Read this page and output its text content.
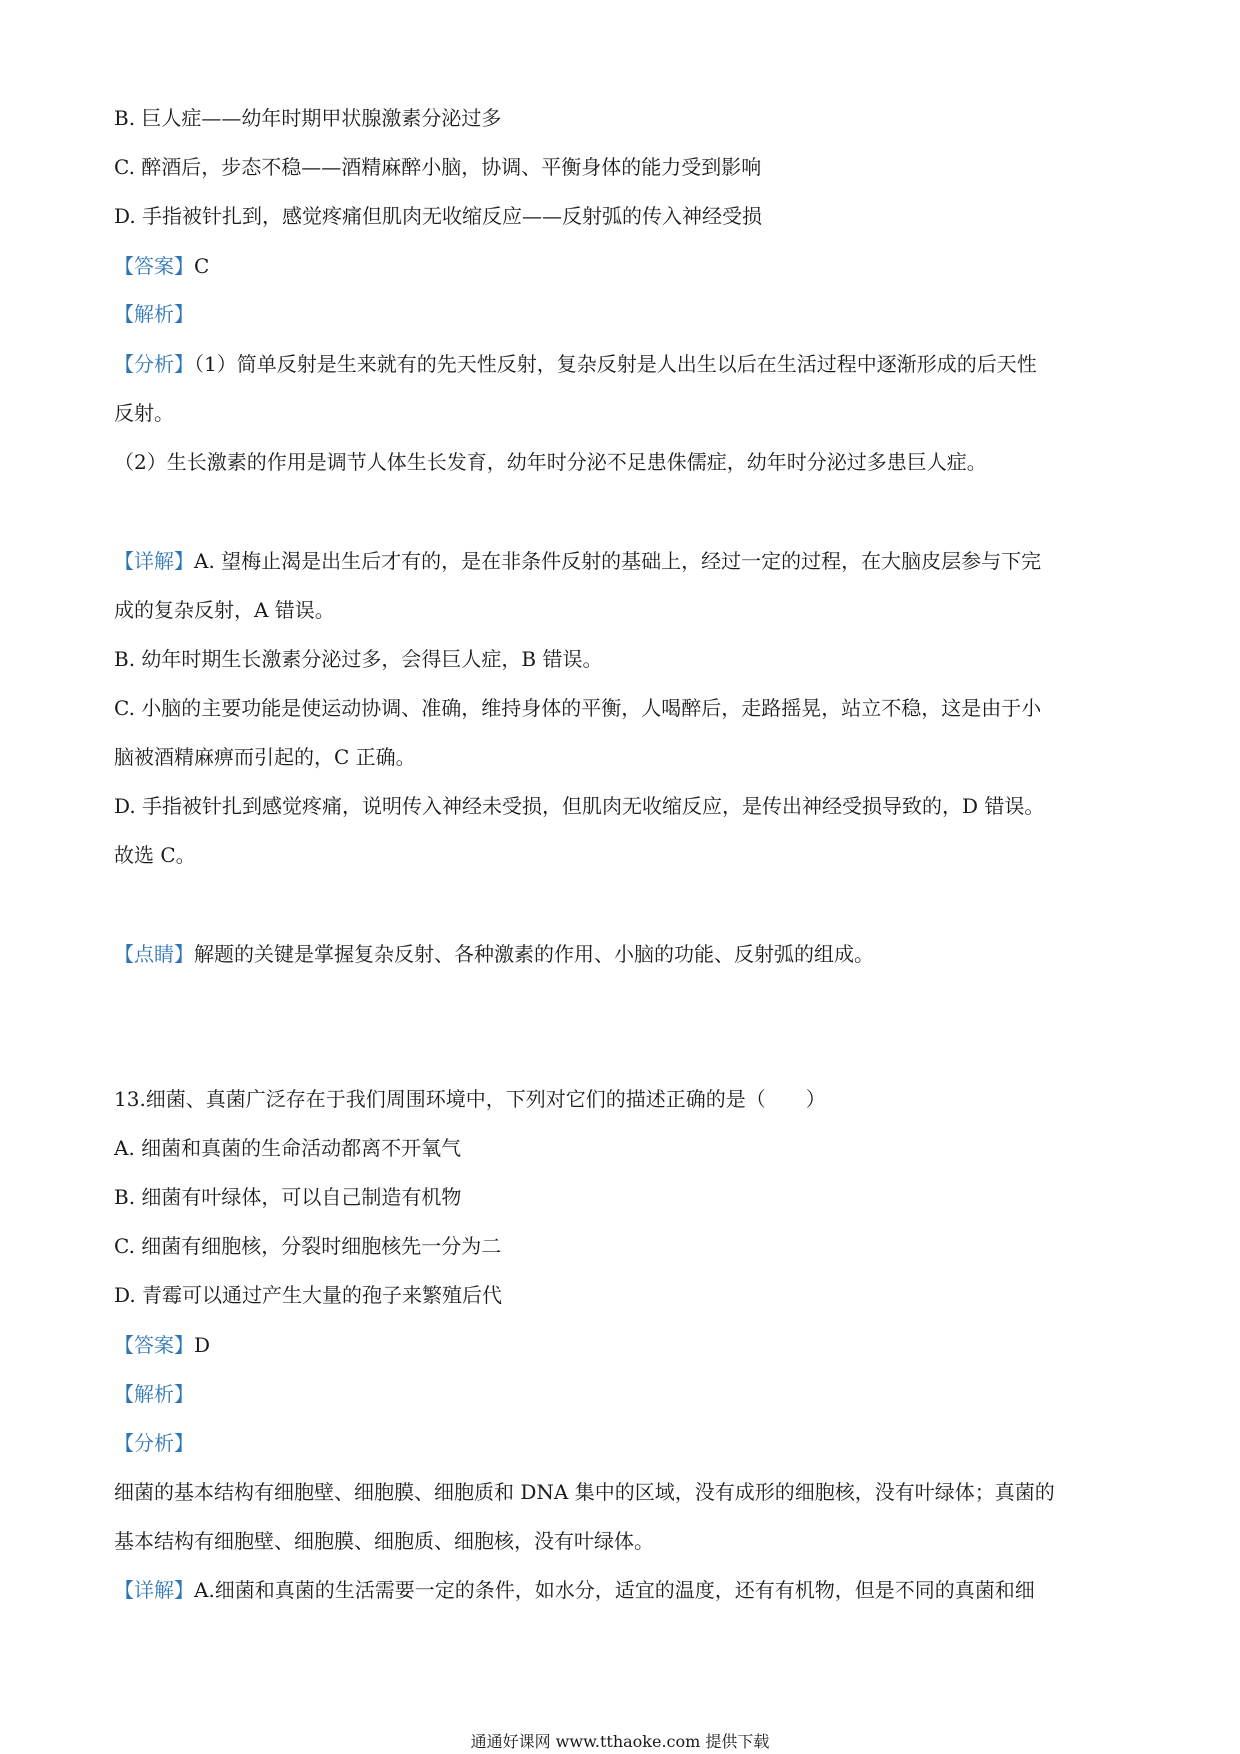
B. 巨人症——幼年时期甲状腺激素分泌过多
C. 醉酒后，步态不稳——酒精麻醉小脑，协调、平衡身体的能力受到影响
D. 手指被针扎到，感觉疼痛但肌肉无收缩反应——反射弧的传入神经受损
【答案】C
【解析】
【分析】（1）简单反射是生来就有的先天性反射，复杂反射是人出生以后在生活过程中逐渐形成的后天性
反射。
（2）生长激素的作用是调节人体生长发育，幼年时分泌不足患侏儒症，幼年时分泌过多患巨人症。
【详解】A. 望梅止渴是出生后才有的，是在非条件反射的基础上，经过一定的过程，在大脑皮层参与下完
成的复杂反射，A 错误。
B. 幼年时期生长激素分泌过多，会得巨人症，B 错误。
C. 小脑的主要功能是使运动协调、准确，维持身体的平衡，人喝醉后，走路摇晃，站立不稳，这是由于小
脑被酒精麻痹而引起的，C 正确。
D. 手指被针扎到感觉疼痛，说明传入神经未受损，但肌肉无收缩反应，是传出神经受损导致的，D 错误。
故选 C。
【点睛】解题的关键是掌握复杂反射、各种激素的作用、小脑的功能、反射弧的组成。
13.细菌、真菌广泛存在于我们周围环境中，下列对它们的描述正确的是（　　）
A. 细菌和真菌的生命活动都离不开氧气
B. 细菌有叶绿体，可以自己制造有机物
C. 细菌有细胞核，分裂时细胞核先一分为二
D. 青霉可以通过产生大量的孢子来繁殖后代
【答案】D
【解析】
【分析】
细菌的基本结构有细胞壁、细胞膜、细胞质和 DNA 集中的区域，没有成形的细胞核，没有叶绿体；真菌的
基本结构有细胞壁、细胞膜、细胞质、细胞核，没有叶绿体。
【详解】A.细菌和真菌的生活需要一定的条件，如水分，适宜的温度，还有有机物，但是不同的真菌和细
通通好课网 www.tthaoke.com 提供下载
